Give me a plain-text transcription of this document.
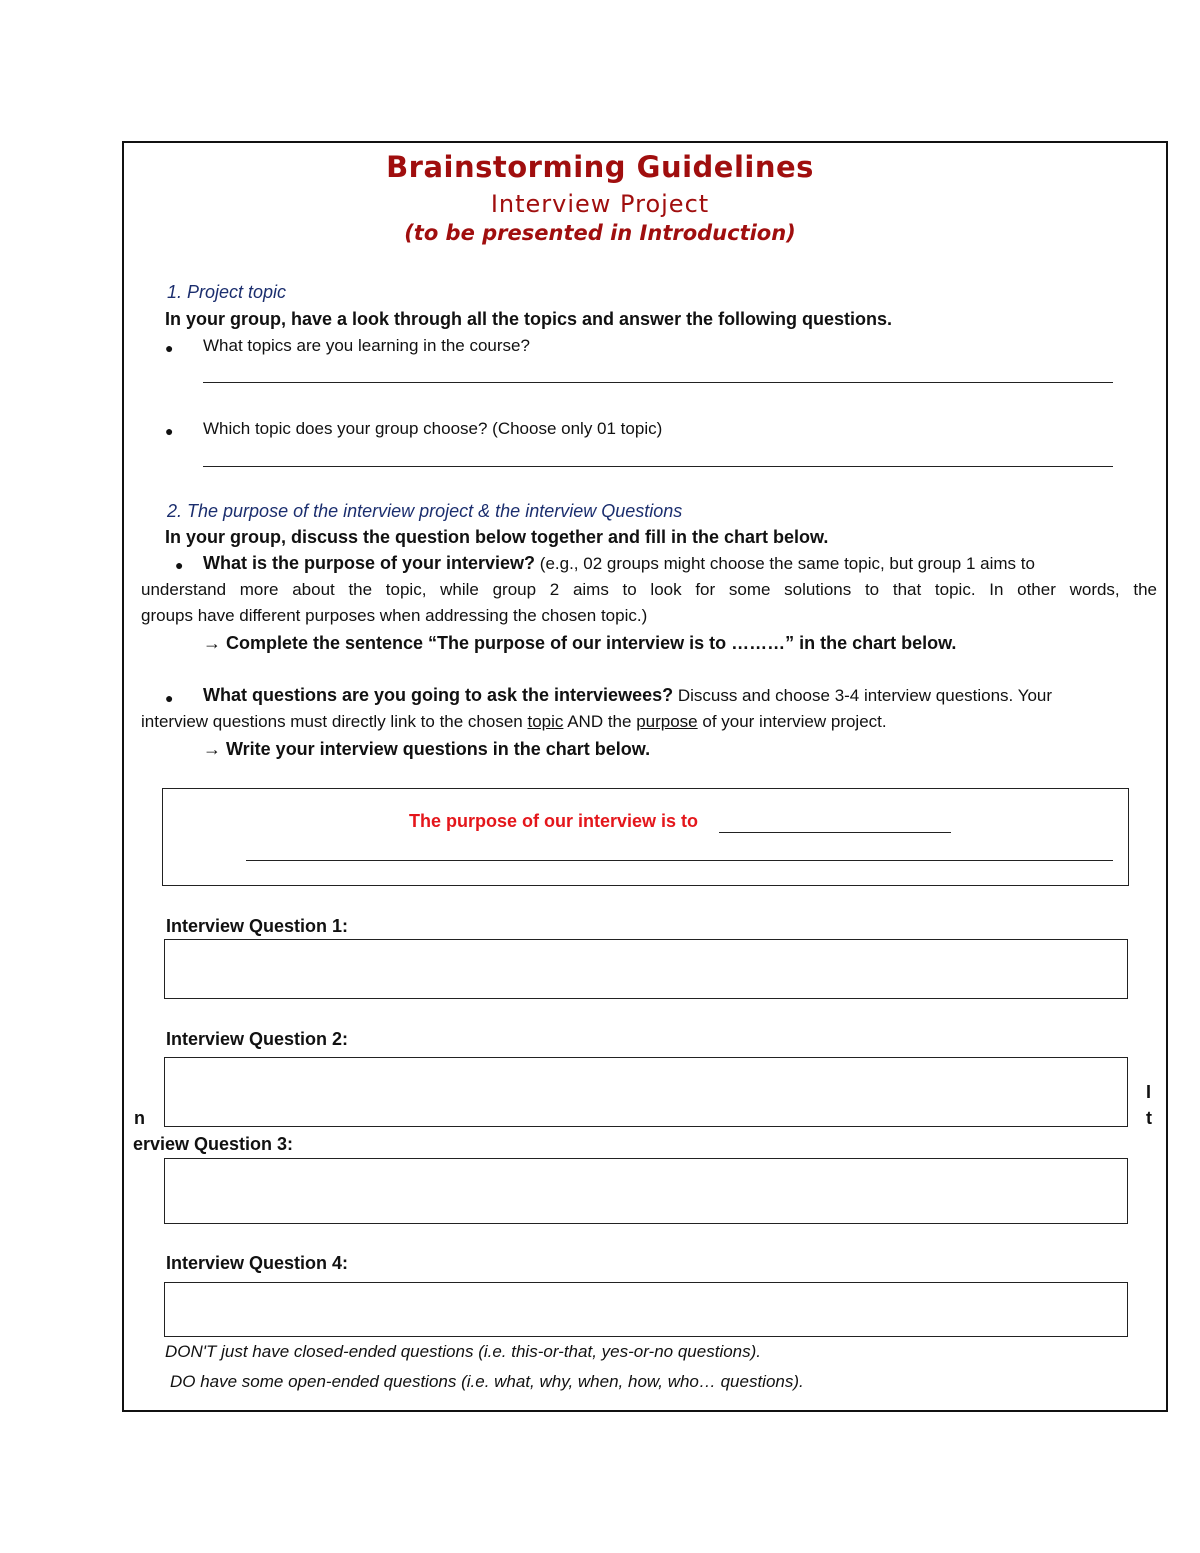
Brainstorming Guidelines
Interview Project
(to be presented in Introduction)
1. Project topic
In your group, have a look through all the topics and answer the following questions.
● What topics are you learning in the course?
● Which topic does your group choose? (Choose only 01 topic)
2. The purpose of the interview project & the interview Questions
In your group, discuss the question below together and fill in the chart below.
● What is the purpose of your interview? (e.g., 02 groups might choose the same topic, but group 1 aims to
understand more about the topic, while group 2 aims to look for some solutions to that topic. In other words, the
groups have different purposes when addressing the chosen topic.)
→ Complete the sentence “The purpose of our interview is to ………” in the chart below.
● What questions are you going to ask the interviewees? Discuss and choose 3-4 interview questions. Your
interview questions must directly link to the chosen topic AND the purpose of your interview project.
→ Write your interview questions in the chart below.
The purpose of our interview is to
Interview Question 1:
Interview Question 2:
n
I
t
erview Question 3:
Interview Question 4:
DON'T just have closed-ended questions (i.e. this-or-that, yes-or-no questions).
DO have some open-ended questions (i.e. what, why, when, how, who… questions).
